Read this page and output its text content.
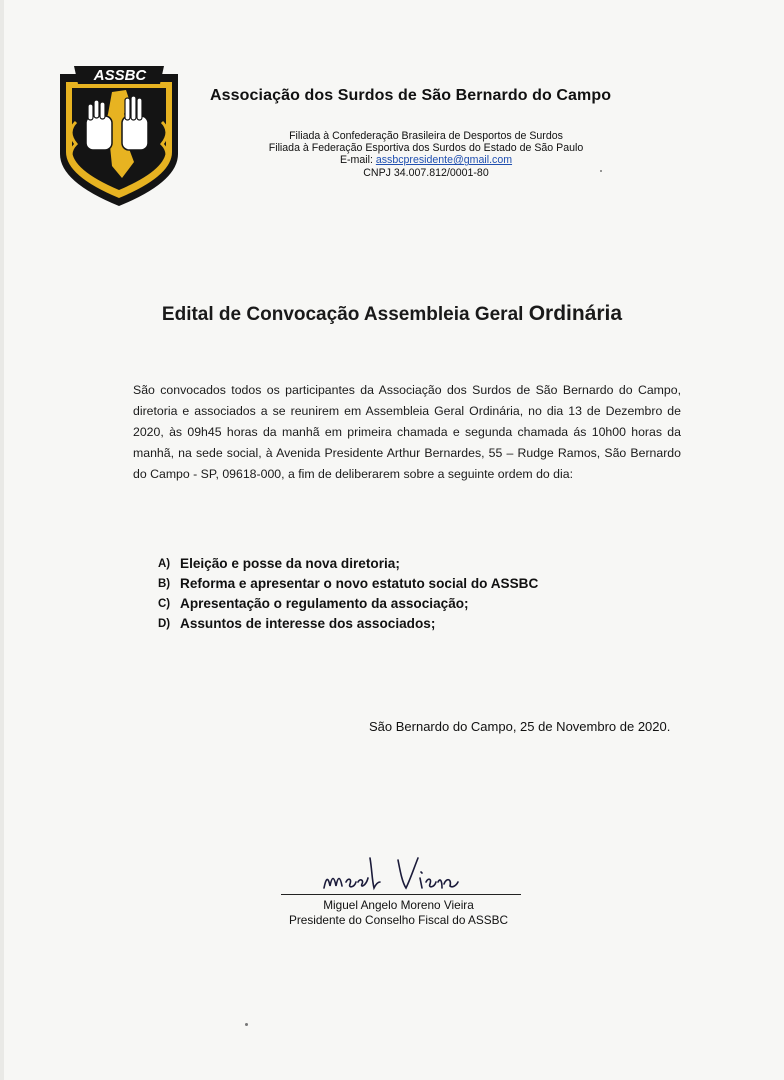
ASSBC
Associação dos Surdos de São Bernardo do Campo
Filiada à Confederação Brasileira de Desportos de Surdos
Filiada à Federação Esportiva dos Surdos do Estado de São Paulo
E-mail: assbcpresidente@gmail.com
CNPJ 34.007.812/0001-80
Edital de Convocação Assembleia Geral Ordinária
São convocados todos os participantes da Associação dos Surdos de São Bernardo do Campo, diretoria e associados a se reunirem em Assembleia Geral Ordinária, no dia 13 de Dezembro de 2020, às 09h45 horas da manhã em primeira chamada e segunda chamada ás 10h00 horas da manhã, na sede social, à Avenida Presidente Arthur Bernardes, 55 – Rudge Ramos, São Bernardo do Campo - SP, 09618-000, a fim de deliberarem sobre a seguinte ordem do dia:
A) Eleição e posse da nova diretoria;
B) Reforma e apresentar o novo estatuto social do ASSBC
C) Apresentação o regulamento da associação;
D) Assuntos de interesse dos associados;
São Bernardo do Campo, 25 de Novembro de 2020.
Miguel Angelo Moreno Vieira
Presidente do Conselho Fiscal do ASSBC
